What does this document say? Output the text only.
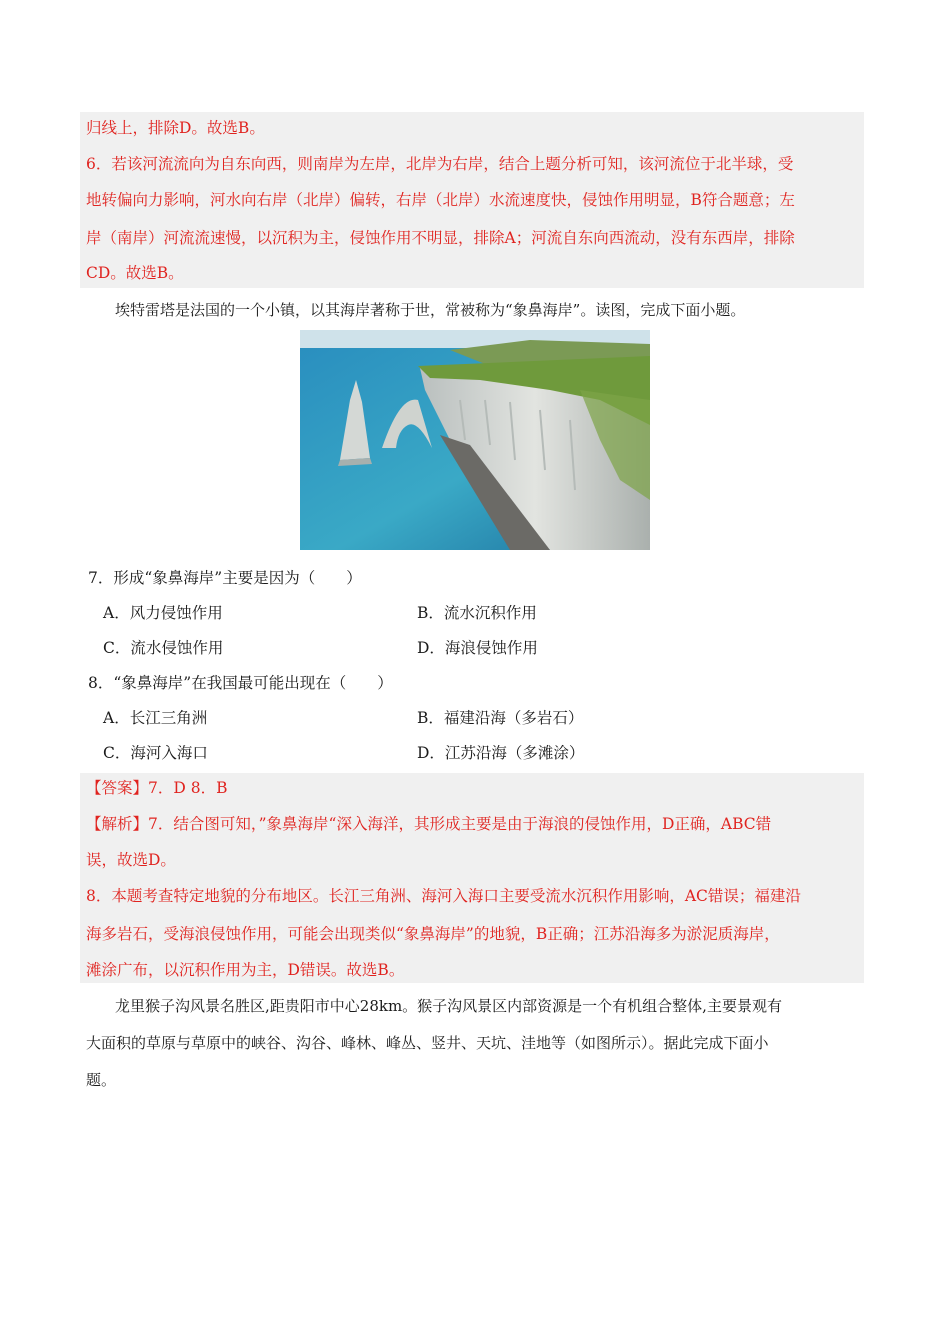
归线上，排除D。故选B。
6．若该河流流向为自东向西，则南岸为左岸，北岸为右岸，结合上题分析可知，该河流位于北半球，受
地转偏向力影响，河水向右岸（北岸）偏转，右岸（北岸）水流速度快，侵蚀作用明显，B符合题意；左
岸（南岸）河流流速慢，以沉积为主，侵蚀作用不明显，排除A；河流自东向西流动，没有东西岸，排除
CD。故选B。
埃特雷塔是法国的一个小镇，以其海岸著称于世，常被称为“象鼻海岸”。读图，完成下面小题。
7．形成“象鼻海岸”主要是因为（　　）
A．风力侵蚀作用	B．流水沉积作用
C．流水侵蚀作用	D．海浪侵蚀作用
8．“象鼻海岸”在我国最可能出现在（　　）
A．长江三角洲	B．福建沿海（多岩石）
C．海河入海口	D．江苏沿海（多滩涂）
【答案】7．D 8．B
【解析】7．结合图可知，”象鼻海岸“深入海洋，其形成主要是由于海浪的侵蚀作用，D正确，ABC错
误，故选D。
8．本题考查特定地貌的分布地区。长江三角洲、海河入海口主要受流水沉积作用影响，AC错误；福建沿
海多岩石，受海浪侵蚀作用，可能会出现类似“象鼻海岸”的地貌，B正确；江苏沿海多为淤泥质海岸，
滩涂广布，以沉积作用为主，D错误。故选B。
龙里猴子沟风景名胜区,距贵阳市中心28km。猴子沟风景区内部资源是一个有机组合整体,主要景观有
大面积的草原与草原中的峡谷、沟谷、峰林、峰丛、竖井、天坑、洼地等（如图所示）。据此完成下面小
题。
